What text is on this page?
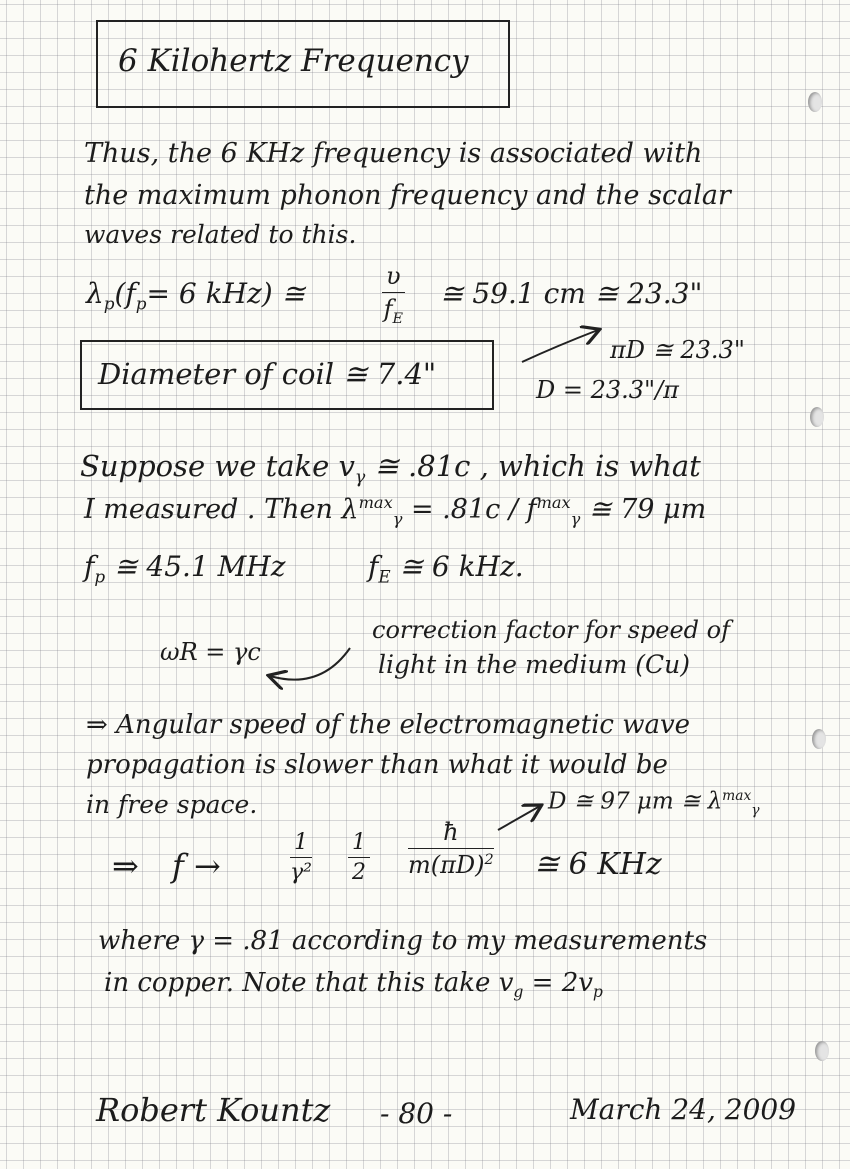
6 Kilohertz Frequency
Thus, the 6 KHz frequency is associated with
the maximum phonon frequency and the scalar
waves related to this.
$\lambda_p(f_p= 6$ kHz) ≅	$\frac{\upsilon}{f_E}$ ≅ 59.1 cm ≅ 23.3"
Diameter of coil ≅ 7.4"
πD ≅ 23.3"
D = 23.3"/π
Suppose we take $v_\gamma$ ≅ .81c , which is what
I measured . Then $\lambda^{max}_\gamma = .81c / f^{max}_\gamma$ ≅ 79 μm
$f_p$ ≅ 45.1 MHz	$f_E$ ≅ 6 kHz.
ωR = γc
correction factor for speed of
light in the medium (Cu)
⇒ Angular speed of the electromagnetic wave
propagation is slower than what it would be
in free space.	D ≅ 97 μm ≅ $\lambda^{max}_\gamma$
⇒ f →	$\frac{1}{\text{γ²}} \frac{1}{2} \frac{ħ}{m(\pi D)^2}$ ≅ 6 KHz
where γ = .81 according to my measurements
in copper. Note that this take $v_g = 2v_p$
Robert Kountz - 80 -	March 24, 2009
